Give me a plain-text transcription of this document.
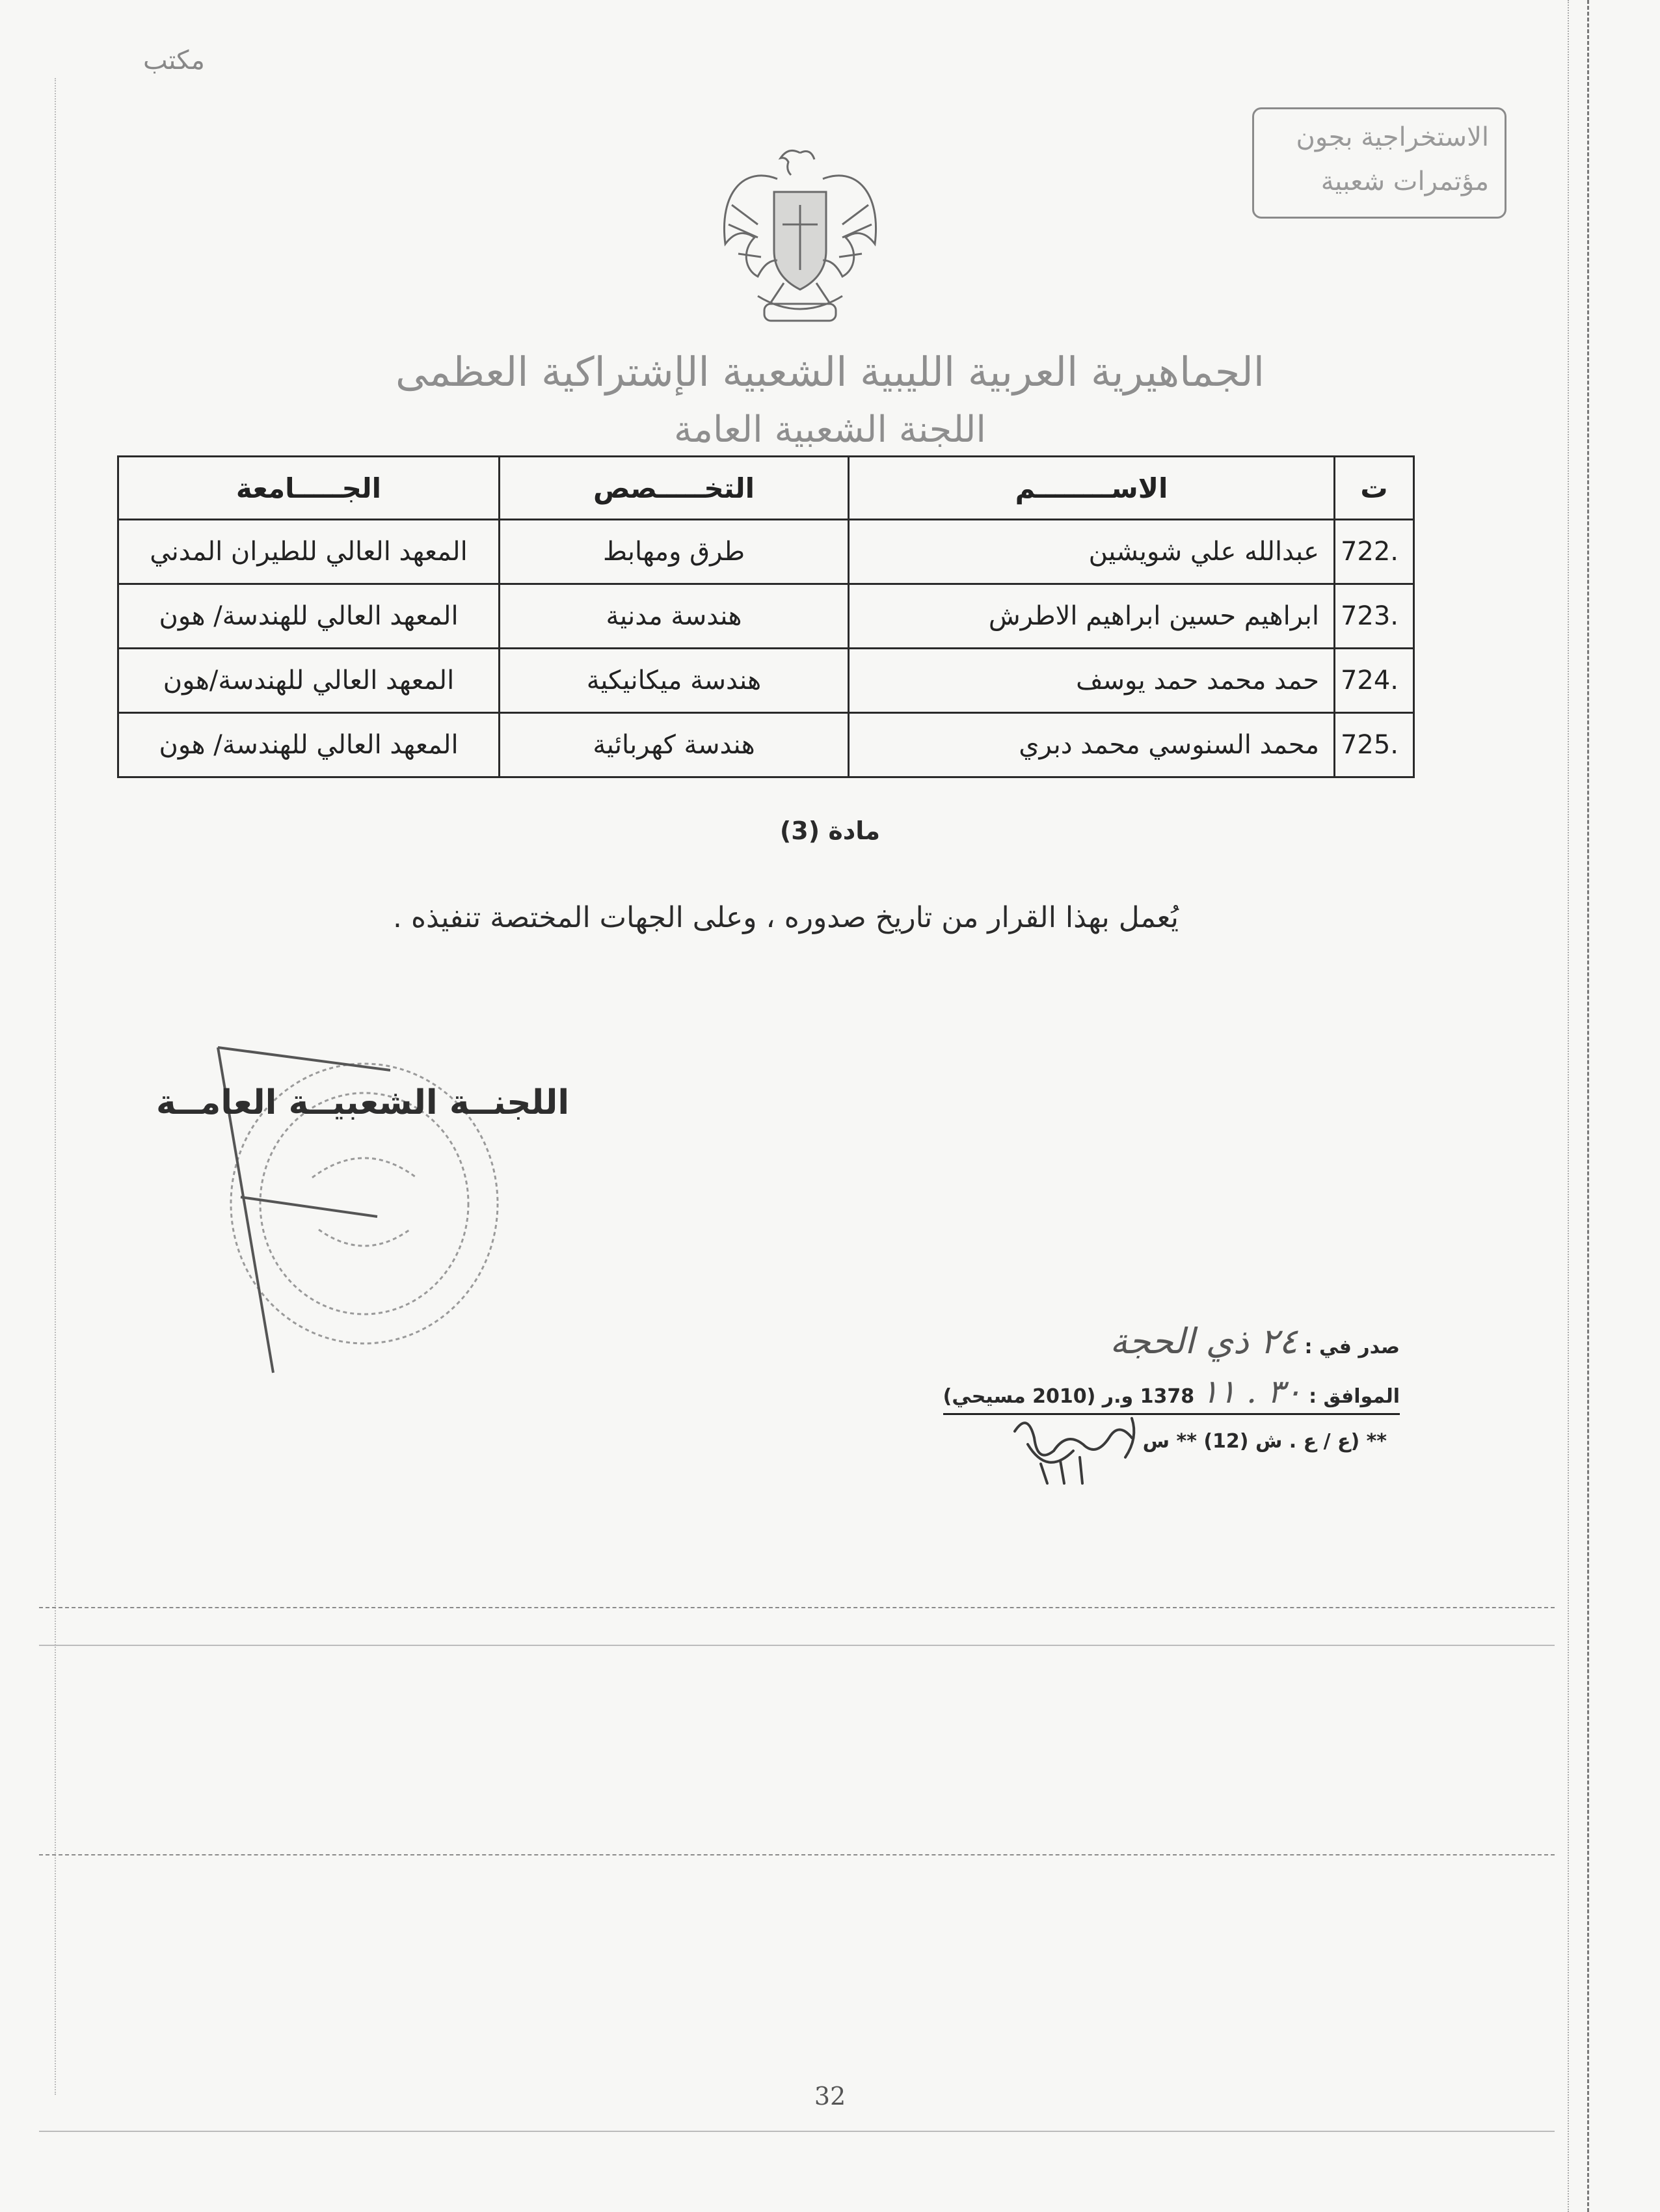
مكتب
الاستخراجية بجون
مؤتمرات شعبية
الجماهيرية العربية الليبية الشعبية الإشتراكية العظمى
اللجنة الشعبية العامة
ت	الاســــــــم	التخـــــصص	الجـــــامعة
722.	عبدالله علي شويشين	طرق ومهابط	المعهد العالي للطيران المدني
723.	ابراهيم حسين ابراهيم الاطرش	هندسة مدنية	المعهد العالي للهندسة/ هون
724.	حمد محمد حمد يوسف	هندسة ميكانيكية	المعهد العالي للهندسة/هون
725.	محمد السنوسي محمد دبري	هندسة كهربائية	المعهد العالي للهندسة/ هون
مادة (3)
يُعمل بهذا القرار من تاريخ صدوره ، وعلى الجهات المختصة تنفيذه .
اللجنــة الشعبيــة العامــة
صدر في : ٢٤ ذي الحجة
الموافق : ٣٠ . ١١ 1378 و.ر (2010 مسيحي)
** (ع / ع . ش (12) ** س
32
